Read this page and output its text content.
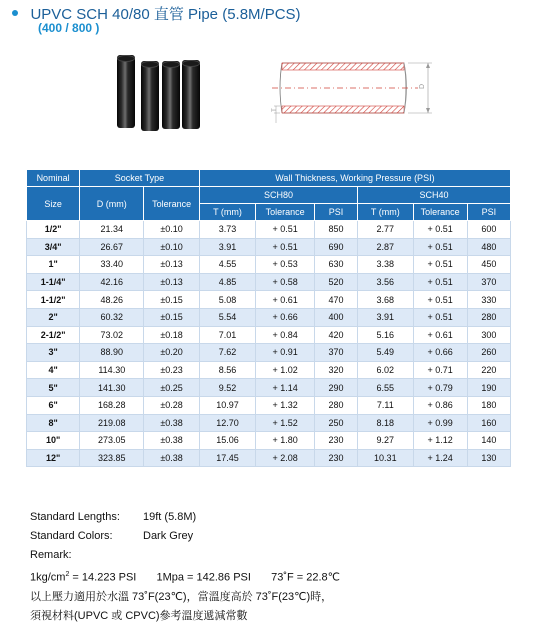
UPVC SCH 40/80 直管 Pipe (5.8M/PCS)
(400 / 800 )
D
T
Nominal	Socket Type		Wall Thickness, Working Pressure (PSI)					
Size	D (mm)	Tolerance	SCH80			SCH40		
			T (mm)	Tolerance	PSI	T (mm)	Tolerance	PSI
1/2"	21.34	±0.10	3.73	+ 0.51	850	2.77	+ 0.51	600
3/4"	26.67	±0.10	3.91	+ 0.51	690	2.87	+ 0.51	480
1"	33.40	±0.13	4.55	+ 0.53	630	3.38	+ 0.51	450
1-1/4"	42.16	±0.13	4.85	+ 0.58	520	3.56	+ 0.51	370
1-1/2"	48.26	±0.15	5.08	+ 0.61	470	3.68	+ 0.51	330
2"	60.32	±0.15	5.54	+ 0.66	400	3.91	+ 0.51	280
2-1/2"	73.02	±0.18	7.01	+ 0.84	420	5.16	+ 0.61	300
3"	88.90	±0.20	7.62	+ 0.91	370	5.49	+ 0.66	260
4"	114.30	±0.23	8.56	+ 1.02	320	6.02	+ 0.71	220
5"	141.30	±0.25	9.52	+ 1.14	290	6.55	+ 0.79	190
6"	168.28	±0.28	10.97	+ 1.32	280	7.11	+ 0.86	180
8"	219.08	±0.38	12.70	+ 1.52	250	8.18	+ 0.99	160
10"	273.05	±0.38	15.06	+ 1.80	230	9.27	+ 1.12	140
12"	323.85	±0.38	17.45	+ 2.08	230	10.31	+ 1.24	130
Standard Lengths: 19ft (5.8M)
Standard Colors:	Dark Grey
Remark:
$1kg/cm^2 = 14.223$ PSI 1Mpa = 142.86 PSI 73˚F = 22.8℃
以上壓力適用於水溫 73˚F(23℃)，當溫度高於 73˚F(23℃)時，
須視材料(UPVC 或 CPVC)參考溫度遞減常數
